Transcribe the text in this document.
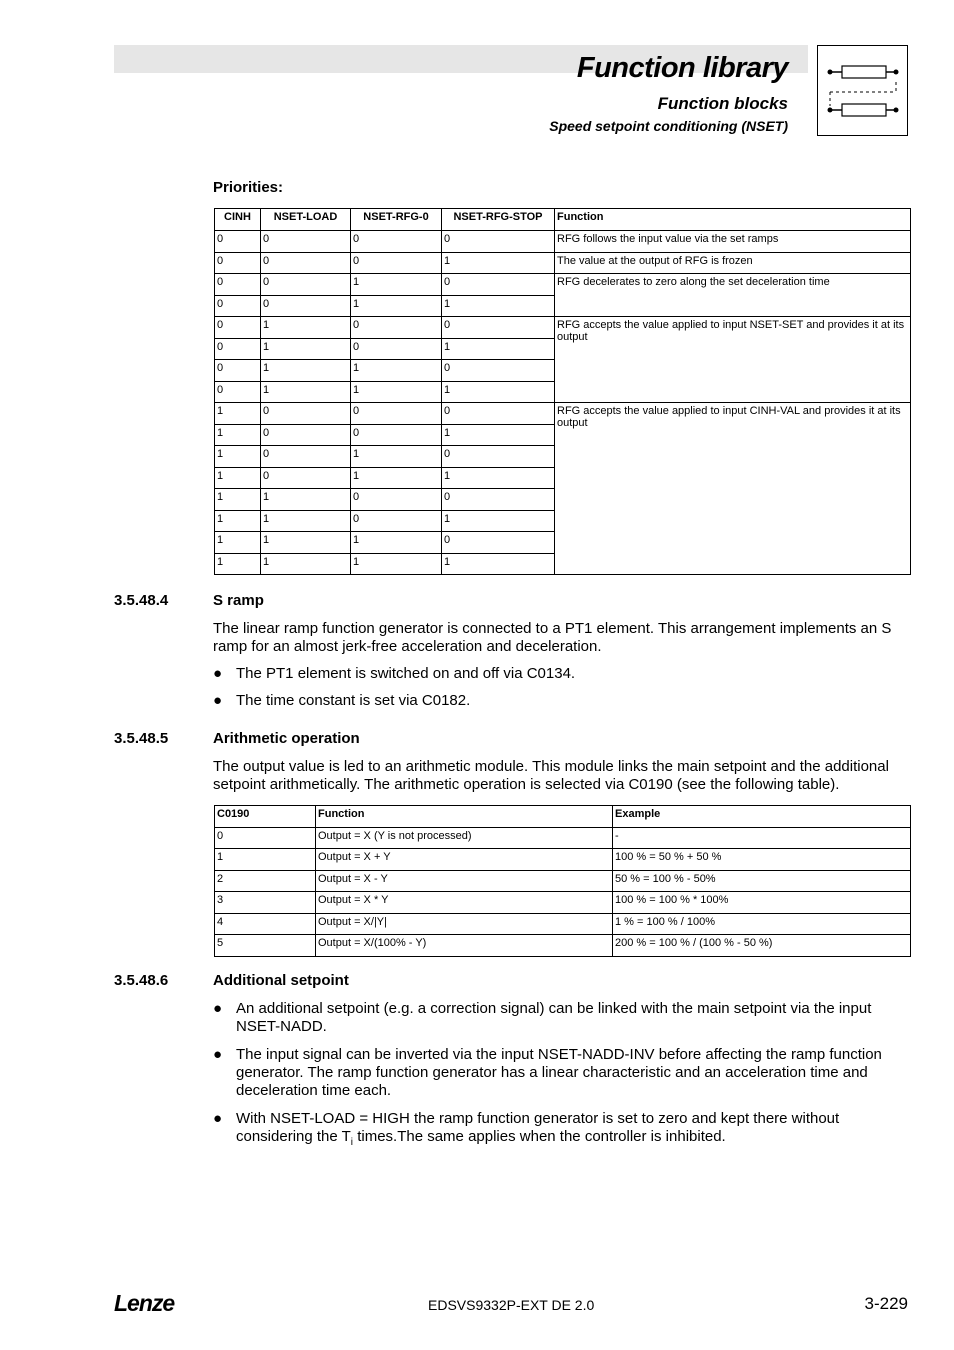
Function library
Function blocks
Speed setpoint conditioning (NSET)
Priorities:
CINH	NSET-LOAD	NSET-RFG-0	NSET-RFG-STOP	Function
0	0	0	0	RFG follows the input value via the set ramps
0	0	0	1	The value at the output of RFG is frozen
0	0	1	0	RFG decelerates to zero along the set deceleration time
0	0	1	1	
0	1	0	0	RFG accepts the value applied to input NSET-SET and provides it at its output
0	1	0	1	
0	1	1	0	
0	1	1	1	
1	0	0	0	RFG accepts the value applied to input CINH-VAL and provides it at its output
1	0	0	1	
1	0	1	0	
1	0	1	1	
1	1	0	0	
1	1	0	1	
1	1	1	0	
1	1	1	1	
3.5.48.4	S ramp
The linear ramp function generator is connected to a PT1 element. This arrangement implements an S ramp for an almost jerk-free acceleration and deceleration.
● The PT1 element is switched on and off via C0134.
● The time constant is set via C0182.
3.5.48.5	Arithmetic operation
The output value is led to an arithmetic module. This module links the main setpoint and the additional setpoint arithmetically. The arithmetic operation is selected via C0190 (see the following table).
C0190	Function	Example
0	Output = X (Y is not processed)	-
1	Output = X + Y	100 % = 50 % + 50 %
2	Output = X - Y	50 % = 100 % - 50%
3	Output = X * Y	100 % = 100 % * 100%
4	Output = X/|Y|	1 % = 100 % / 100%
5	Output = X/(100% - Y)	200 % = 100 % / (100 % - 50 %)
3.5.48.6	Additional setpoint
● An additional setpoint (e.g. a correction signal) can be linked with the main setpoint via the input NSET-NADD.
● The input signal can be inverted via the input NSET-NADD-INV before affecting the ramp function generator. The ramp function generator has a linear characteristic and an acceleration time and deceleration time each.
● With NSET-LOAD = HIGH the ramp function generator is set to zero and kept there without considering the $T_i$ times.The same applies when the controller is inhibited.
Lenze	EDSVS9332P-EXT DE 2.0	3-229
